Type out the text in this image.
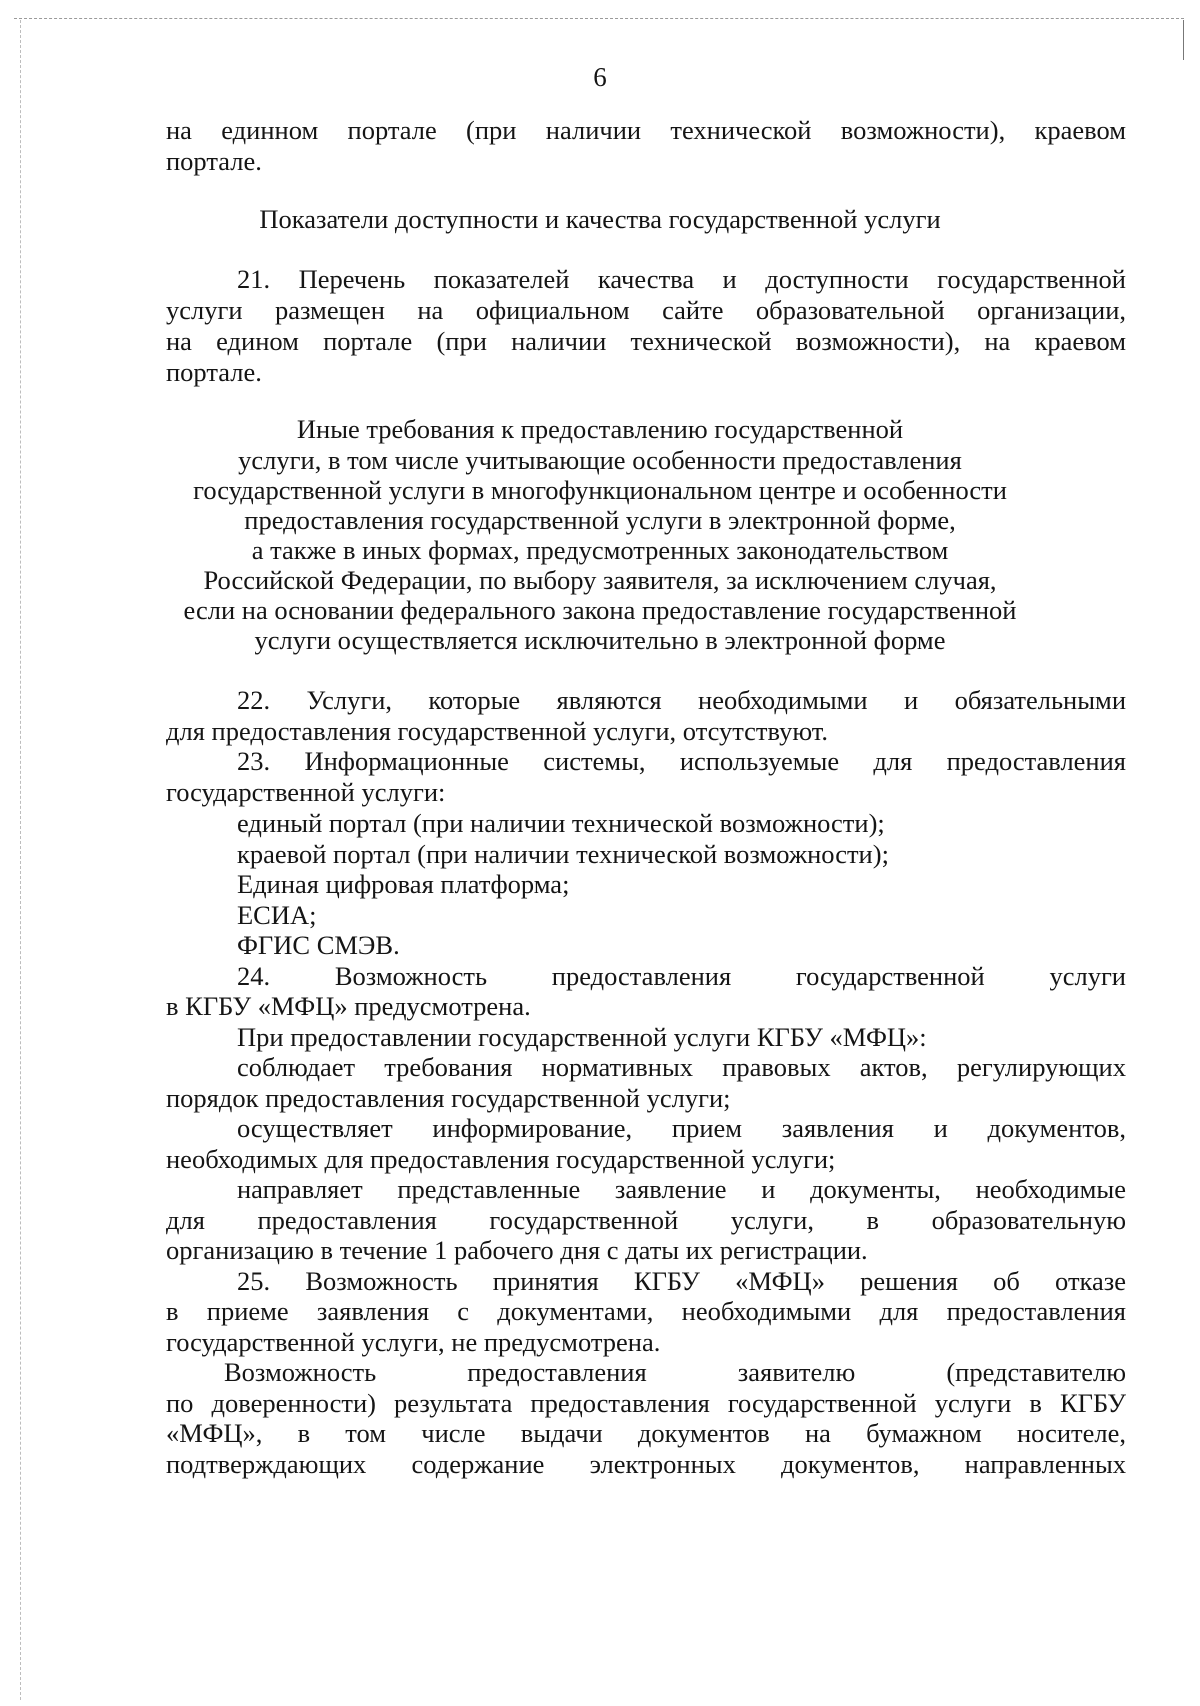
6
на единном портале (при наличии технической возможности), краевом
портале.
Показатели доступности и качества государственной услуги
21. Перечень показателей качества и доступности государственной
услуги размещен на официальном сайте образовательной организации,
на едином портале (при наличии технической возможности), на краевом
портале.
Иные требования к предоставлению государственной
услуги, в том числе учитывающие особенности предоставления
государственной услуги в многофункциональном центре и особенности
предоставления государственной услуги в электронной форме,
а также в иных формах, предусмотренных законодательством
Российской Федерации, по выбору заявителя, за исключением случая,
если на основании федерального закона предоставление государственной
услуги осуществляется исключительно в электронной форме
22. Услуги, которые являются необходимыми и обязательными
для предоставления государственной услуги, отсутствуют.
23. Информационные системы, используемые для предоставления
государственной услуги:
единый портал (при наличии технической возможности);
краевой портал (при наличии технической возможности);
Единая цифровая платформа;
ЕСИА;
ФГИС СМЭВ.
24. Возможность предоставления государственной услуги
в КГБУ «МФЦ» предусмотрена.
При предоставлении государственной услуги КГБУ «МФЦ»:
соблюдает требования нормативных правовых актов, регулирующих
порядок предоставления государственной услуги;
осуществляет информирование, прием заявления и документов,
необходимых для предоставления государственной услуги;
направляет представленные заявление и документы, необходимые
для предоставления государственной услуги, в образовательную
организацию в течение 1 рабочего дня с даты их регистрации.
25. Возможность принятия КГБУ «МФЦ» решения об отказе
в приеме заявления с документами, необходимыми для предоставления
государственной услуги, не предусмотрена.
Возможность предоставления заявителю (представителю
по доверенности) результата предоставления государственной услуги в КГБУ
«МФЦ», в том числе выдачи документов на бумажном носителе,
подтверждающих содержание электронных документов, направленных
